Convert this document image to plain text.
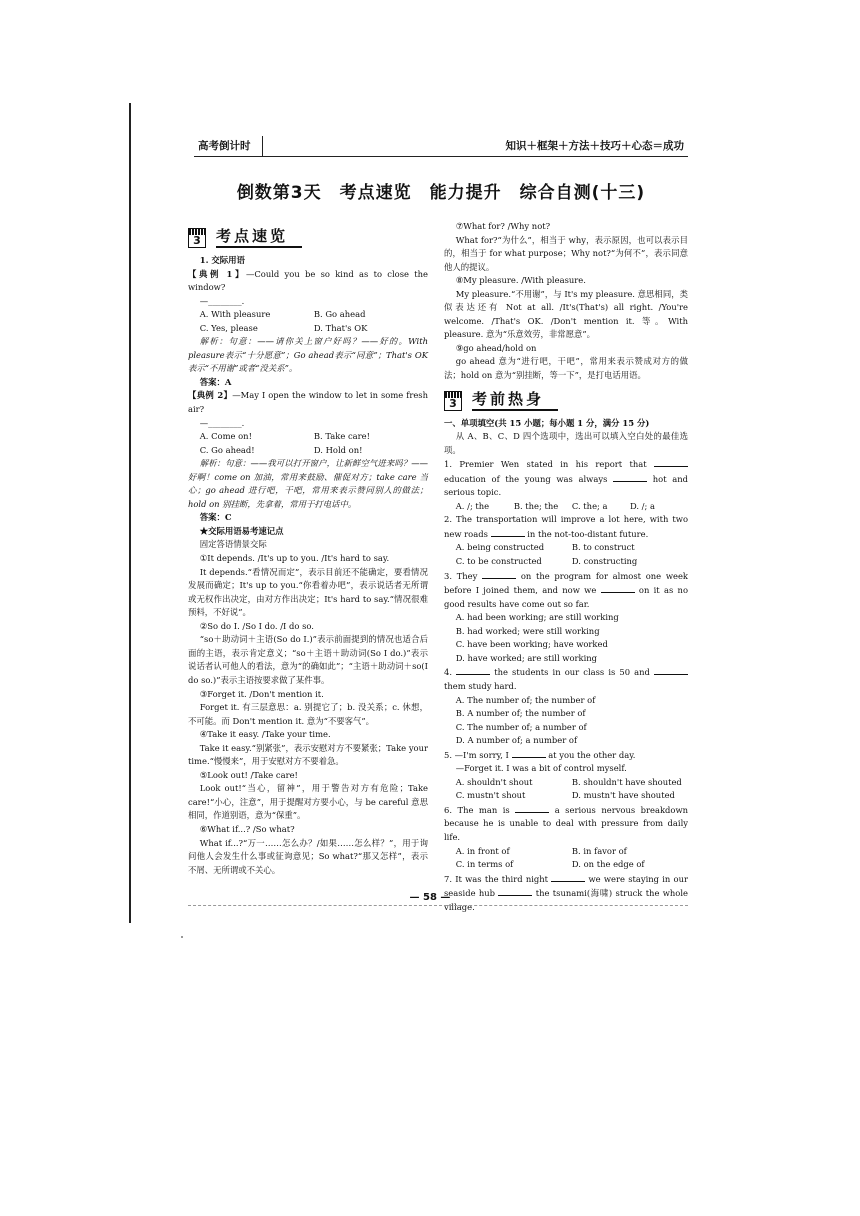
高考倒计时	知识＋框架＋方法＋技巧＋心态＝成功
倒数第3天　考点速览　能力提升　综合自测(十三)
3 考点速览

1. 交际用语

【典例 1】—Could you be so kind as to close the window?

—________.

A. With pleasure	B. Go ahead
C. Yes, please	D. That's OK

解析：句意：——请你关上窗户好吗？——好的。With pleasure表示“十分愿意”；Go ahead表示“同意”；That's OK表示“不用谢”或者“没关系”。

答案：A

【典例 2】—May I open the window to let in some fresh air?

—________.

A. Come on!	B. Take care!
C. Go ahead!	D. Hold on!

解析：句意：——我可以打开窗户，让新鲜空气进来吗？——好啊！come on 加油，常用来鼓励、催促对方；take care 当心；go ahead 进行吧，干吧，常用来表示赞同别人的做法；hold on 别挂断，先拿着，常用于打电话中。

答案：C

★交际用语易考速记点

固定答语情景交际

①It depends. /It's up to you. /It's hard to say.

It depends.“看情况而定”，表示目前还不能确定，要看情况发展而确定；It's up to you.“你看着办吧”，表示说话者无所谓或无权作出决定，由对方作出决定；It's hard to say.“情况很难预料，不好说”。

②So do I. /So I do. /I do so.

“so＋助动词＋主语(So do I.)”表示前面提到的情况也适合后面的主语，表示肯定意义；“so＋主语＋助动词(So I do.)”表示说话者认可他人的看法，意为“的确如此”；“主语＋助动词＋so(I do so.)”表示主语按要求做了某件事。

③Forget it. /Don't mention it.

Forget it. 有三层意思：a. 别提它了；b. 没关系；c. 休想，不可能。而 Don't mention it. 意为“不要客气”。

④Take it easy. /Take your time.

Take it easy.“别紧张”，表示安慰对方不要紧张；Take your time.“慢慢来”，用于安慰对方不要着急。

⑤Look out! /Take care!

Look out!“当心，留神”，用于警告对方有危险；Take care!“小心，注意”，用于提醒对方要小心，与 be careful 意思相同，作道别语，意为“保重”。

⑥What if...? /So what?

What if...?“万一……怎么办？/如果……怎么样？”，用于询问他人会发生什么事或征询意见；So what?“那又怎样”，表示不屑、无所谓或不关心。

⑦What for? /Why not?

What for?“为什么”，相当于 why，表示原因，也可以表示目的，相当于 for what purpose；Why not?“为何不”，表示同意他人的提议。

⑧My pleasure. /With pleasure.

My pleasure.“不用谢”，与 It's my pleasure. 意思相同，类似表达还有 Not at all. /It's(That's) all right. /You're welcome. /That's OK. /Don't mention it. 等。With pleasure. 意为“乐意效劳，非常愿意”。

⑨go ahead/hold on

go ahead 意为“进行吧，干吧”，常用来表示赞成对方的做法；hold on 意为“别挂断，等一下”，是打电话用语。

3 考前热身

一、单项填空(共 15 小题；每小题 1 分，满分 15 分)

从 A、B、C、D 四个选项中，选出可以填入空白处的最佳选项。

1. Premier Wen stated in his report that  education of the young was always	hot and serious topic.

A. /; the	B. the; the	C. the; a	D. /; a

2. The transportation will improve a lot here, with two new roads	in the not-too-distant future.

A. being constructed	B. to construct
C. to be constructed	D. constructing

3. They	on the program for almost one week before I joined them, and now we	on it as no good results have come out so far.

A. had been working; are still working

B. had worked; were still working

C. have been working; have worked

D. have worked; are still working

4.	the students in our class is 50 and  them study hard.

A. The number of; the number of

B. A number of; the number of

C. The number of; a number of

D. A number of; a number of

5. —I'm sorry, I	at you the other day.

—Forget it. I was a bit of control myself.

A. shouldn't shout	B. shouldn't have shouted
C. mustn't shout	D. mustn't have shouted

6. The man is	a serious nervous breakdown because he is unable to deal with pressure from daily life.

A. in front of	B. in favor of
C. in terms of	D. on the edge of

7. It was the third night	we were staying in our seaside hub	the tsunami(海啸) struck the whole village.

— 58 —
